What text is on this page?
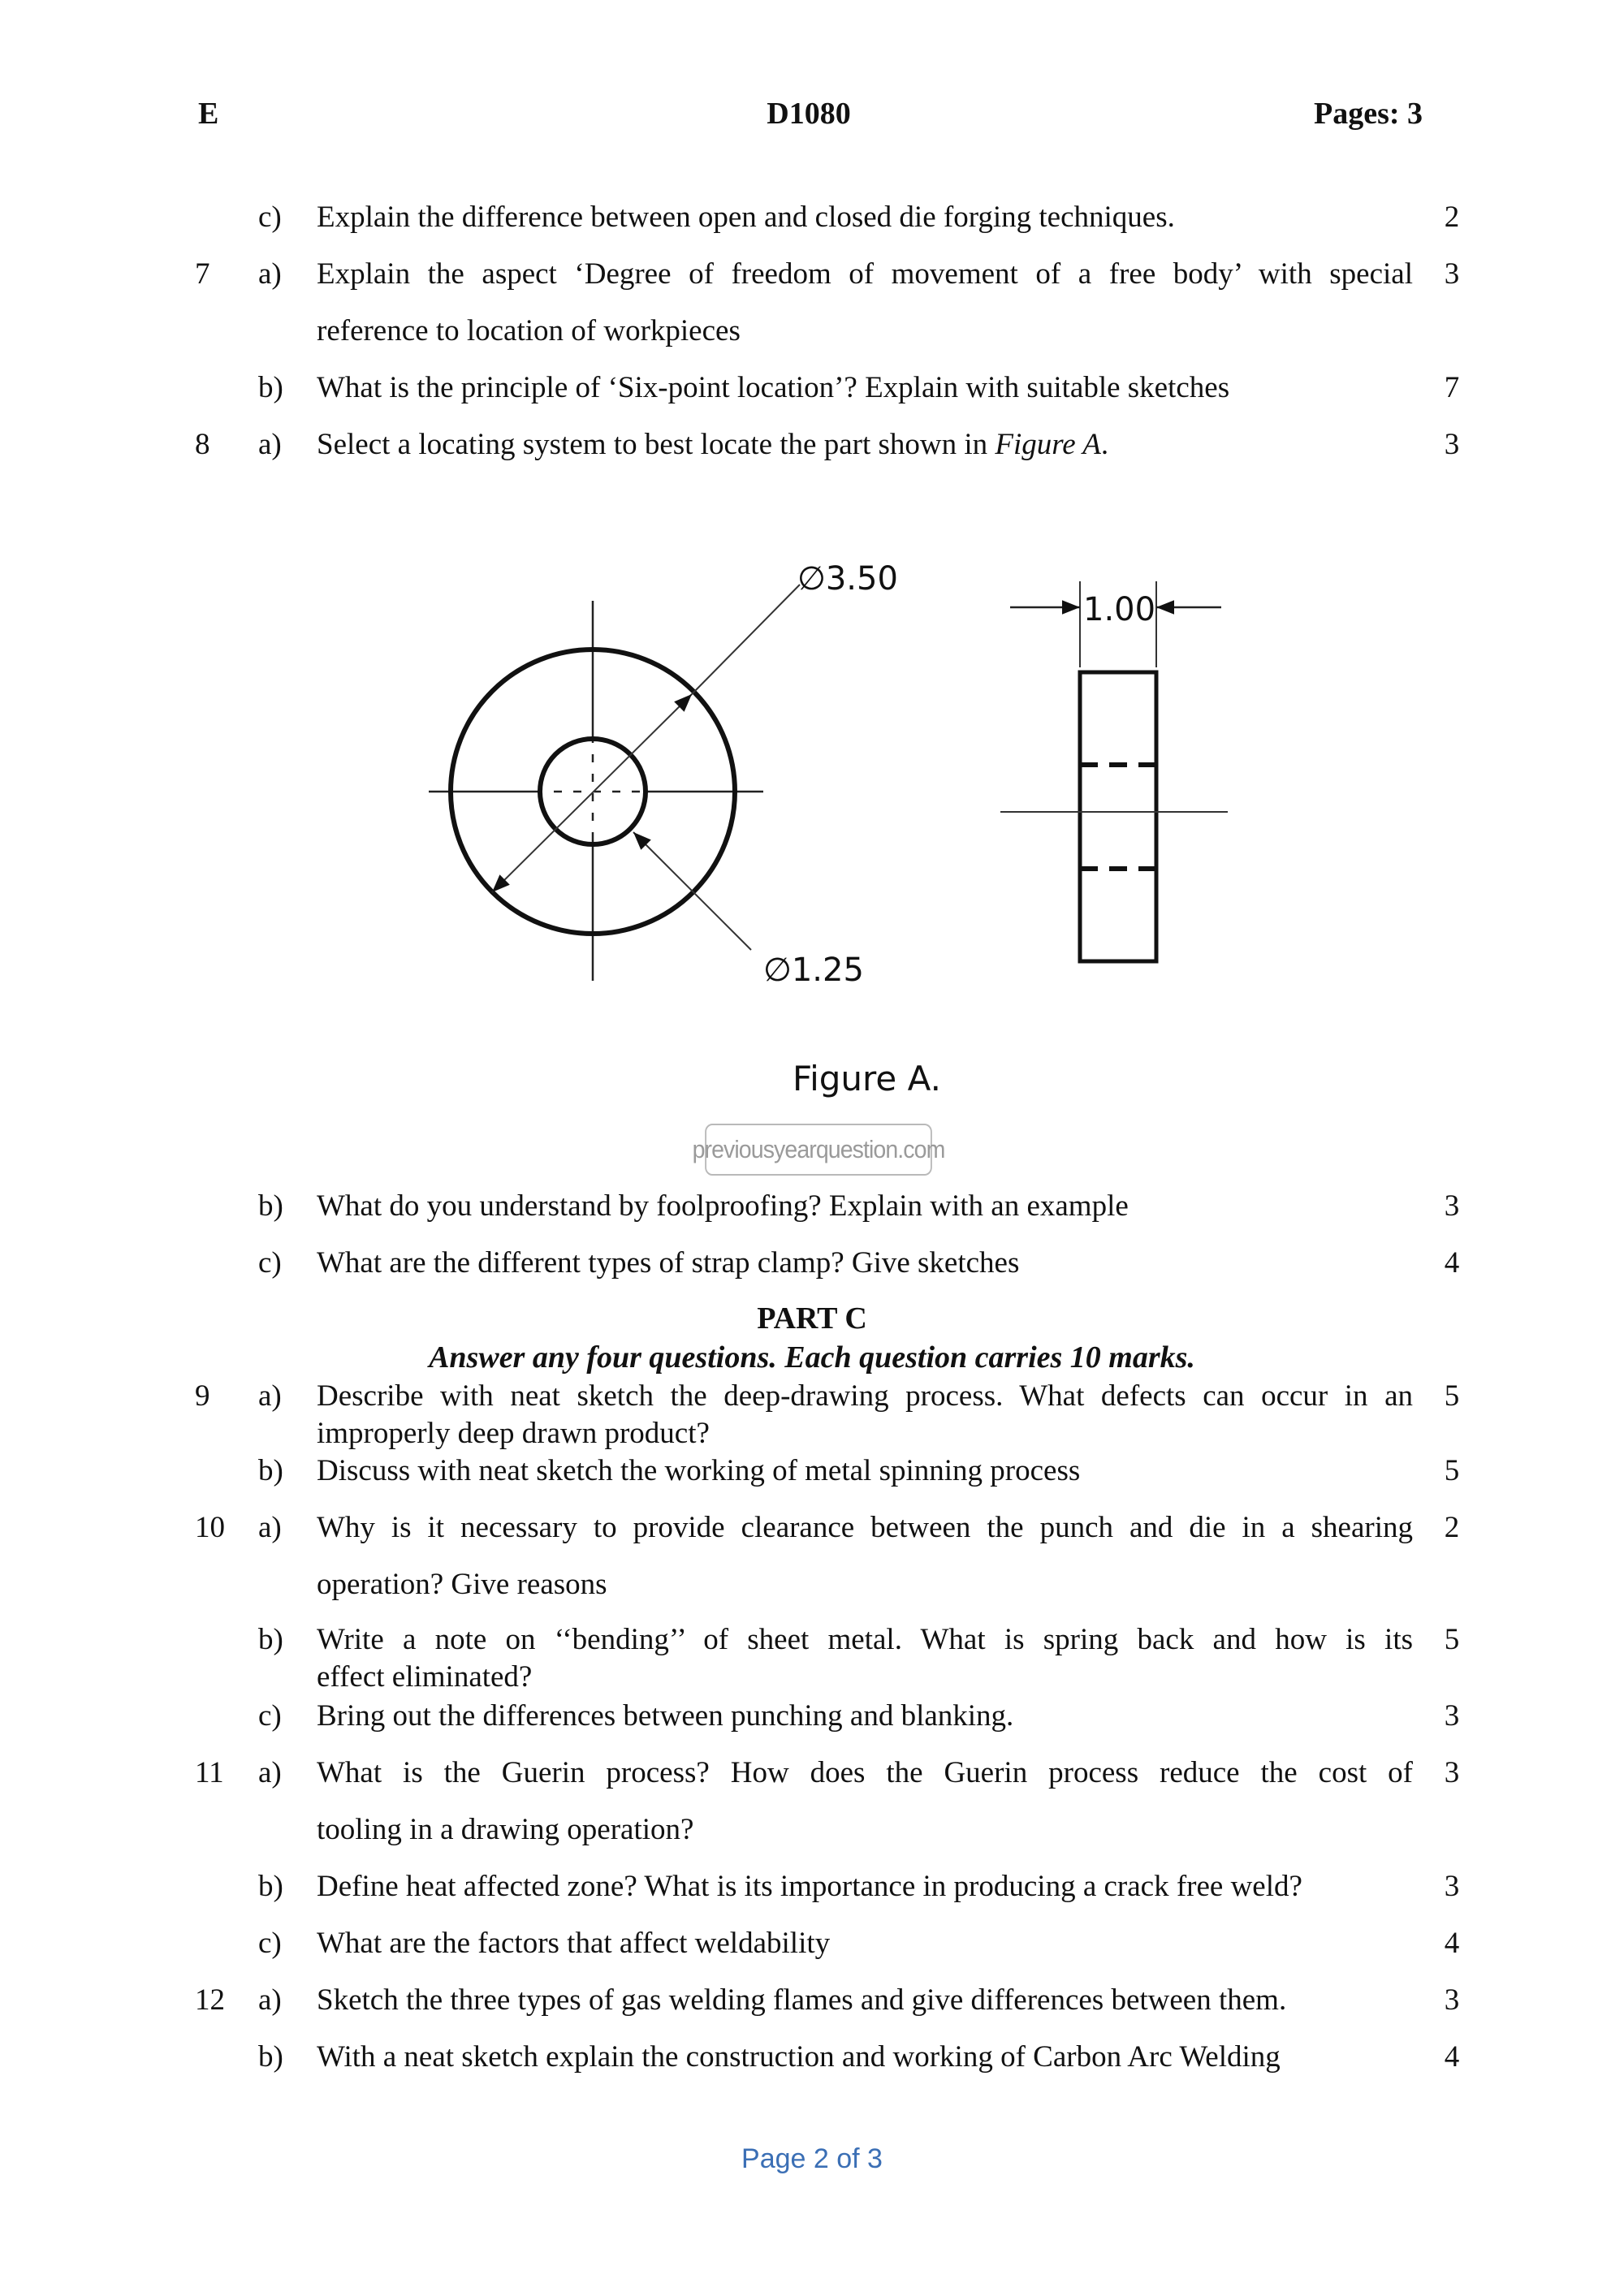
E	D1080	Pages: 3
c) Explain the difference between open and closed die forging techniques.	2
7	a) Explain the aspect ‘Degree of freedom of movement of a free body’ with special 3
reference to location of workpieces
b) What is the principle of ‘Six-point location’? Explain with suitable sketches	7
8	a) Select a locating system to best locate the part shown in Figure A.	3
∅3.50
1.00
∅1.25
Figure A.
previousyearquestion.com
b) What do you understand by foolproofing? Explain with an example	3
c) What are the different types of strap clamp? Give sketches	4
PART C
Answer any four questions. Each question carries 10 marks.
9	a) Describe with neat sketch the deep-drawing process. What defects can occur in an 5
improperly deep drawn product?
b) Discuss with neat sketch the working of metal spinning process	5
10 a) Why is it necessary to provide clearance between the punch and die in a shearing 2
operation? Give reasons
b) Write a note on ‘‘bending’’ of sheet metal. What is spring back and how is its 5
effect eliminated?
c) Bring out the differences between punching and blanking.	3
11 a) What is the Guerin process? How does the Guerin process reduce the cost of 3
tooling in a drawing operation?
b) Define heat affected zone? What is its importance in producing a crack free weld?	3
c) What are the factors that affect weldability	4
12 a) Sketch the three types of gas welding flames and give differences between them.	3
b) With a neat sketch explain the construction and working of Carbon Arc Welding	4
Page 2 of 3
